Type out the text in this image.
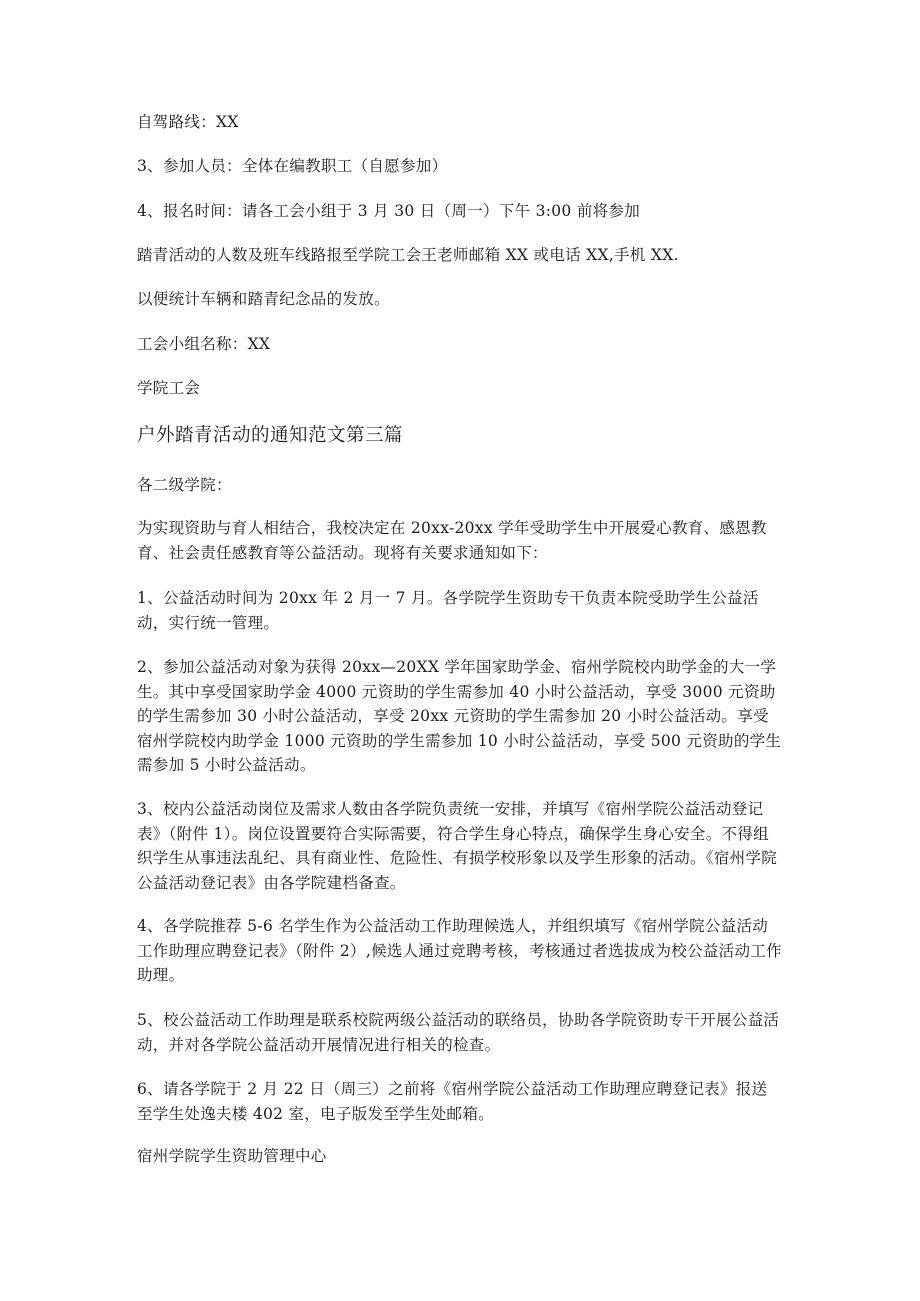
自驾路线：XX
3、参加人员：全体在编教职工（自愿参加）
4、报名时间：请各工会小组于 3 月 30 日（周一）下午 3:00 前将参加
踏青活动的人数及班车线路报至学院工会王老师邮箱 XX 或电话 XX,手机 XX.
以便统计车辆和踏青纪念品的发放。
工会小组名称：XX
学院工会
户外踏青活动的通知范文第三篇
各二级学院：
为实现资助与育人相结合，我校决定在 20xx-20xx 学年受助学生中开展爱心教育、感恩教育、社会责任感教育等公益活动。现将有关要求通知如下：
1、公益活动时间为 20xx 年 2 月一 7 月。各学院学生资助专干负责本院受助学生公益活动，实行统一管理。
2、参加公益活动对象为获得 20xx—20XX 学年国家助学金、宿州学院校内助学金的大一学生。其中享受国家助学金 4000 元资助的学生需参加 40 小时公益活动，享受 3000 元资助的学生需参加 30 小时公益活动，享受 20xx 元资助的学生需参加 20 小时公益活动。享受宿州学院校内助学金 1000 元资助的学生需参加 10 小时公益活动，享受 500 元资助的学生需参加 5 小时公益活动。
3、校内公益活动岗位及需求人数由各学院负责统一安排，并填写《宿州学院公益活动登记表》（附件 1）。岗位设置要符合实际需要，符合学生身心特点，确保学生身心安全。不得组织学生从事违法乱纪、具有商业性、危险性、有损学校形象以及学生形象的活动。《宿州学院公益活动登记表》由各学院建档备查。
4、各学院推荐 5-6 名学生作为公益活动工作助理候选人，并组织填写《宿州学院公益活动工作助理应聘登记表》（附件 2）,候选人通过竞聘考核，考核通过者选拔成为校公益活动工作助理。
5、校公益活动工作助理是联系校院两级公益活动的联络员，协助各学院资助专干开展公益活动，并对各学院公益活动开展情况进行相关的检查。
6、请各学院于 2 月 22 日（周三）之前将《宿州学院公益活动工作助理应聘登记表》报送至学生处逸夫楼 402 室，电子版发至学生处邮箱。
宿州学院学生资助管理中心
